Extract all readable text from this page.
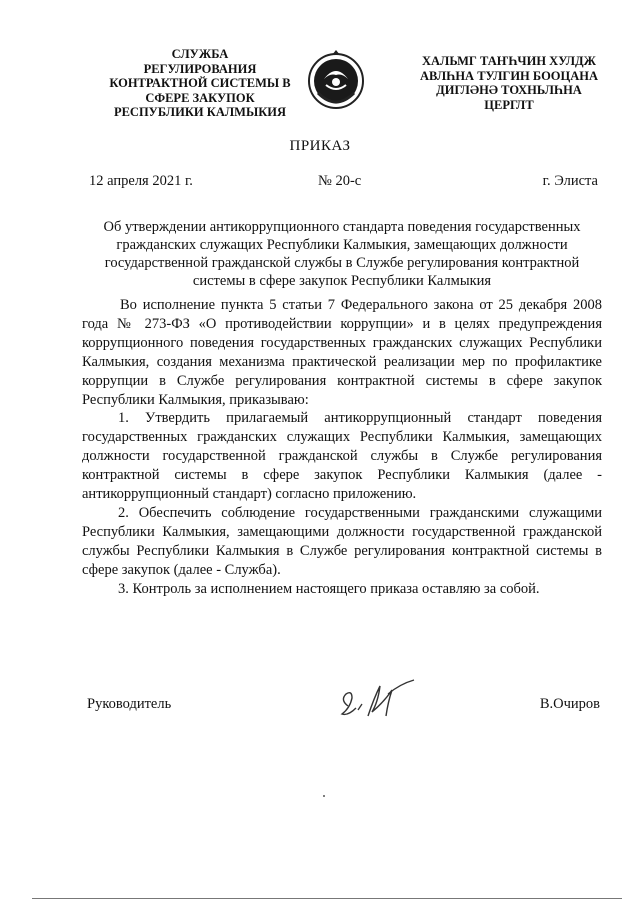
СЛУЖБА
РЕГУЛИРОВАНИЯ
КОНТРАКТНОЙ СИСТЕМЫ В
СФЕРЕ ЗАКУПОК
РЕСПУБЛИКИ КАЛМЫКИЯ
ХАЛЬМГ ТАҤҺЧИН ХУЛДЖ
АВЛҺНА ТУЛГИН БООЦАНА
ДИГЛӘНӘ ТОХНЬЛҺНА
ЦЕРГЛТ
ПРИКАЗ
12 апреля 2021 г.	№ 20-с	г. Элиста
Об утверждении антикоррупционного стандарта поведения государственных гражданских служащих Республики Калмыкия, замещающих должности государственной гражданской службы в Службе регулирования контрактной системы в сфере закупок Республики Калмыкия

Во исполнение пункта 5 статьи 7 Федерального закона от 25 декабря 2008 года № 273-ФЗ «О противодействии коррупции» и в целях предупреждения коррупционного поведения государственных гражданских служащих Республики Калмыкия, создания механизма практической реализации мер по профилактике коррупции в Службе регулирования контрактной системы в сфере закупок Республики Калмыкия, приказываю:

1. Утвердить прилагаемый антикоррупционный стандарт поведения государственных гражданских служащих Республики Калмыкия, замещающих должности государственной гражданской службы в Службе регулирования контрактной системы в сфере закупок Республики Калмыкия (далее - антикоррупционный стандарт) согласно приложению.

2. Обеспечить соблюдение государственными гражданскими служащими Республики Калмыкия, замещающими должности государственной гражданской службы Республики Калмыкия в Службе регулирования контрактной системы в сфере закупок (далее - Служба).

3. Контроль за исполнением настоящего приказа оставляю за собой.

Руководитель	В.Очиров
